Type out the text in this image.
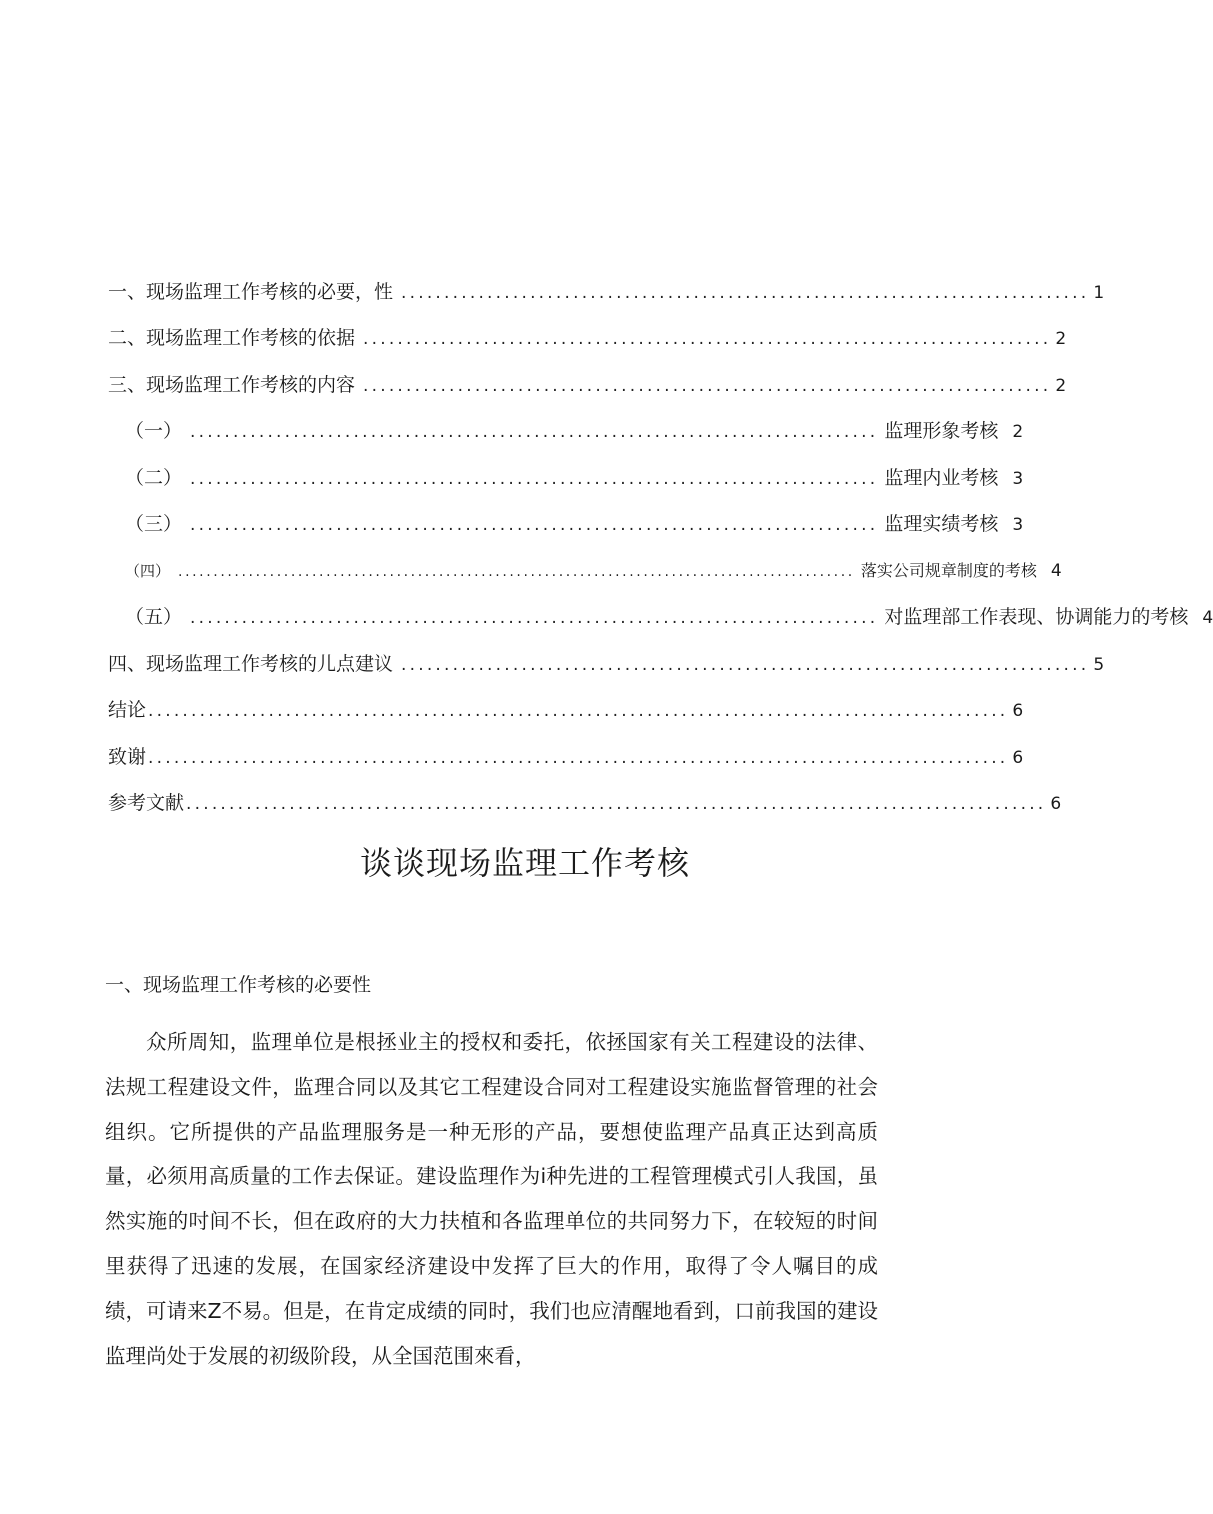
一、现场监理工作考核的必要，性 ................................................................................ 1
二、现场监理工作考核的依据 ................................................................................ 2
三、现场监理工作考核的内容 ................................................................................ 2
（一） ................................................................................ 监理形象考核 2
（二） ................................................................................ 监理内业考核 3
（三） ................................................................................ 监理实绩考核 3
（四） ................................................................................................ 落实公司规章制度的考核 4
（五） ................................................................................ 对监理部工作表现、协调能力的考核 4
四、现场监理工作考核的儿点建议 ................................................................................ 5
结论 .................................................................................................... 6
致谢 .................................................................................................... 6
参考文献 .................................................................................................... 6
谈谈现场监理工作考核
一、现场监理工作考核的必要性
众所周知，监理单位是根拯业主的授权和委托，依拯国家有关工程建设的法律、法规工程建设文件，监理合同以及其它工程建设合同对工程建设实施监督管理的社会组织。它所提供的产品监理服务是一种无形的产品，要想使监理产品真正达到高质量，必须用高质量的工作去保证。建设监理作为i种先进的工程管理模式引人我国，虽然实施的吋间不长，但在政府的大力扶植和各监理单位的共同努力下，在较短的时间里获得了迅速的发展，在国家经济建设中发挥了巨大的作用，取得了令人嘱目的成绩，可请来Z不易。但是，在肯定成绩的同时，我们也应清醒地看到，口前我国的建设监理尚处于发展的初级阶段，从全国范围來看，
